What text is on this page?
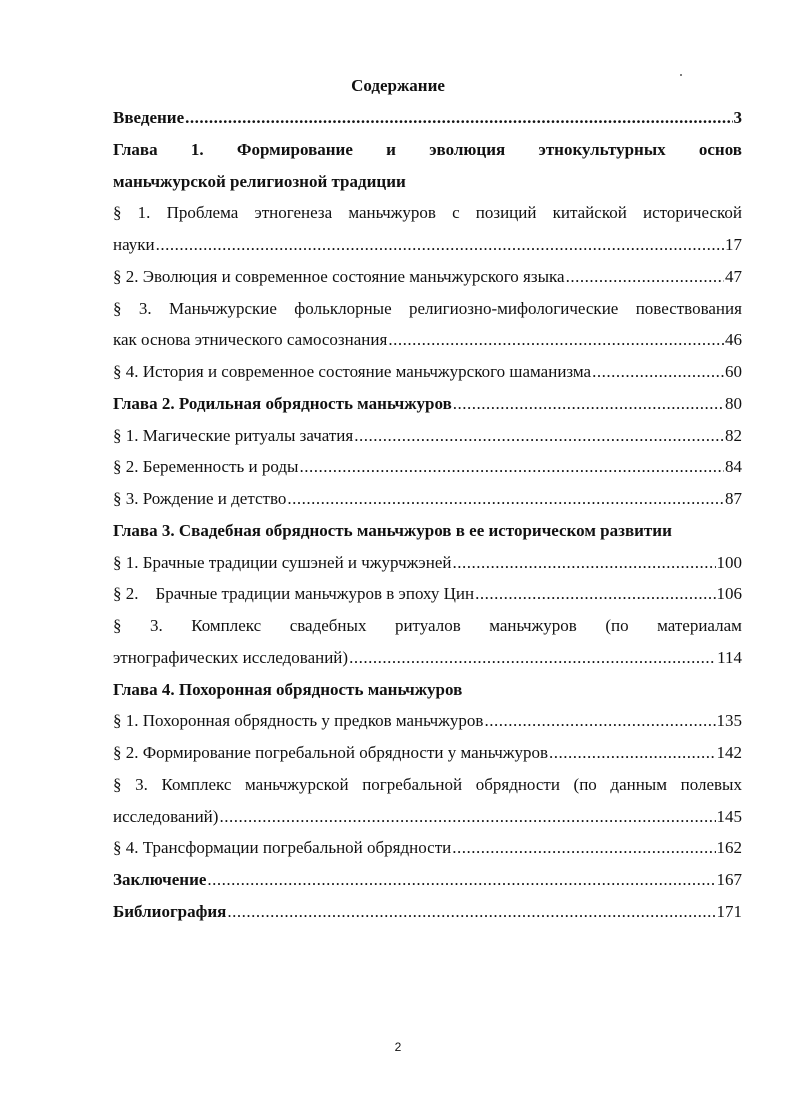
Содержание
Введение .....	3
Глава 1. Формирование и эволюция этнокультурных основ
маньчжурской религиозной традиции
§ 1. Проблема этногенеза маньчжуров с позиций китайской исторической
науки .....	17
§ 2. Эволюция и современное состояние маньчжурского языка .....	47
§ 3. Маньчжурские фольклорные религиозно-мифологические повествования
как основа этнического самосознания .....	46
§ 4. История и современное состояние маньчжурского шаманизма .....	60
Глава 2. Родильная обрядность маньчжуров .....	80
§ 1. Магические ритуалы зачатия .....	82
§ 2. Беременность и роды .....	84
§ 3. Рождение и детство .....	87
Глава 3. Свадебная обрядность маньчжуров в ее историческом развитии
§ 1. Брачные традиции сушэней и чжурчжэней .....	100
§ 2.    Брачные традиции маньчжуров в эпоху Цин .....	106
§ 3. Комплекс свадебных ритуалов маньчжуров (по материалам
этнографических исследований) .....	114
Глава 4. Похоронная обрядность маньчжуров
§ 1. Похоронная обрядность у предков маньчжуров .....	135
§ 2. Формирование погребальной обрядности у маньчжуров .....	142
§ 3. Комплекс маньчжурской погребальной обрядности (по данным полевых
исследований) .....	145
§ 4. Трансформации погребальной обрядности .....	162
Заключение .....	167
Библиография .....	171
2
